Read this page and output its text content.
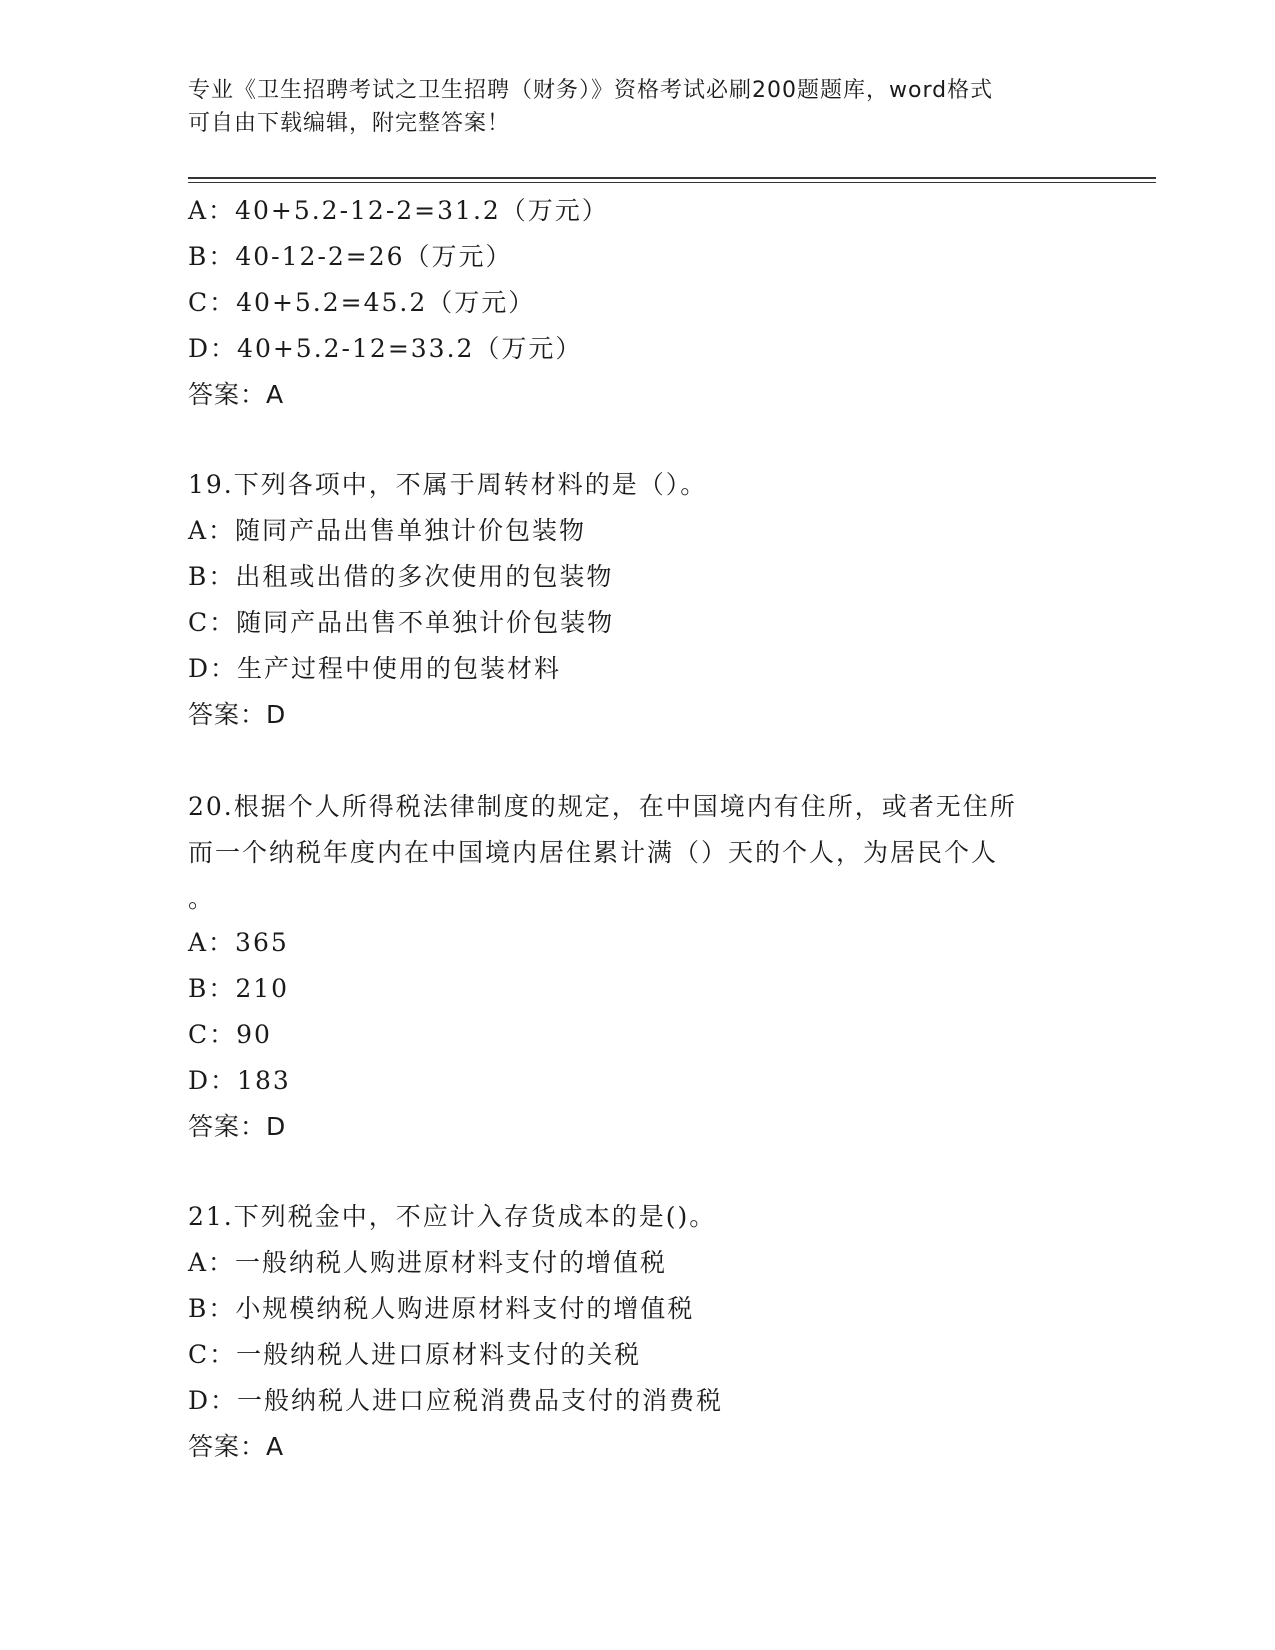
专业《卫生招聘考试之卫生招聘（财务）》资格考试必刷200题题库，word格式
可自由下载编辑，附完整答案！
A：40+5.2-12-2=31.2（万元）
B：40-12-2=26（万元）
C：40+5.2=45.2（万元）
D：40+5.2-12=33.2（万元）
答案：A
19.下列各项中，不属于周转材料的是（）。
A：随同产品出售单独计价包装物
B：出租或出借的多次使用的包装物
C：随同产品出售不单独计价包装物
D：生产过程中使用的包装材料
答案：D
20.根据个人所得税法律制度的规定，在中国境内有住所，或者无住所
而一个纳税年度内在中国境内居住累计满（）天的个人，为居民个人
。
A：365
B：210
C：90
D：183
答案：D
21.下列税金中，不应计入存货成本的是()。
A：一般纳税人购进原材料支付的增值税
B：小规模纳税人购进原材料支付的增值税
C：一般纳税人进口原材料支付的关税
D：一般纳税人进口应税消费品支付的消费税
答案：A
